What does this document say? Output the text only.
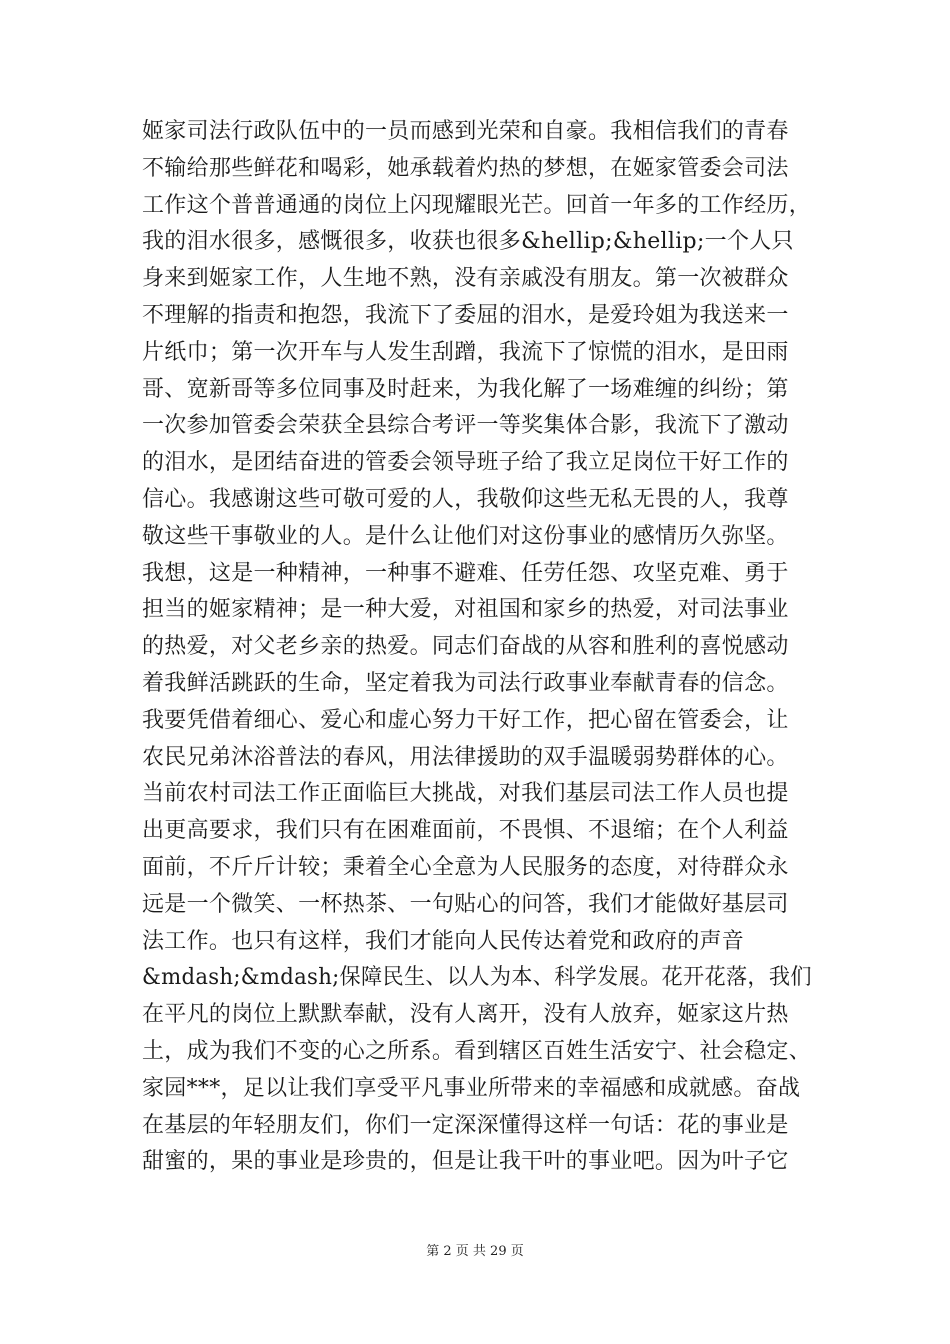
姬家司法行政队伍中的一员而感到光荣和自豪。我相信我们的青春
不输给那些鲜花和喝彩，她承载着灼热的梦想，在姬家管委会司法
工作这个普普通通的岗位上闪现耀眼光芒。回首一年多的工作经历，
我的泪水很多，感慨很多，收获也很多&hellip;&hellip;一个人只
身来到姬家工作，人生地不熟，没有亲戚没有朋友。第一次被群众
不理解的指责和抱怨，我流下了委屈的泪水，是爱玲姐为我送来一
片纸巾；第一次开车与人发生刮蹭，我流下了惊慌的泪水，是田雨
哥、宽新哥等多位同事及时赶来，为我化解了一场难缠的纠纷；第
一次参加管委会荣获全县综合考评一等奖集体合影，我流下了激动
的泪水，是团结奋进的管委会领导班子给了我立足岗位干好工作的
信心。我感谢这些可敬可爱的人，我敬仰这些无私无畏的人，我尊
敬这些干事敬业的人。是什么让他们对这份事业的感情历久弥坚。
我想，这是一种精神，一种事不避难、任劳任怨、攻坚克难、勇于
担当的姬家精神；是一种大爱，对祖国和家乡的热爱，对司法事业
的热爱，对父老乡亲的热爱。同志们奋战的从容和胜利的喜悦感动
着我鲜活跳跃的生命，坚定着我为司法行政事业奉献青春的信念。
我要凭借着细心、爱心和虚心努力干好工作，把心留在管委会，让
农民兄弟沐浴普法的春风，用法律援助的双手温暖弱势群体的心。
当前农村司法工作正面临巨大挑战，对我们基层司法工作人员也提
出更高要求，我们只有在困难面前，不畏惧、不退缩；在个人利益
面前，不斤斤计较；秉着全心全意为人民服务的态度，对待群众永
远是一个微笑、一杯热茶、一句贴心的问答，我们才能做好基层司
法工作。也只有这样，我们才能向人民传达着党和政府的声音
&mdash;&mdash;保障民生、以人为本、科学发展。花开花落，我们
在平凡的岗位上默默奉献，没有人离开，没有人放弃，姬家这片热
土，成为我们不变的心之所系。看到辖区百姓生活安宁、社会稳定、
家园***，足以让我们享受平凡事业所带来的幸福感和成就感。奋战
在基层的年轻朋友们，你们一定深深懂得这样一句话：花的事业是
甜蜜的，果的事业是珍贵的，但是让我干叶的事业吧。因为叶子它
第 2 页 共 29 页
